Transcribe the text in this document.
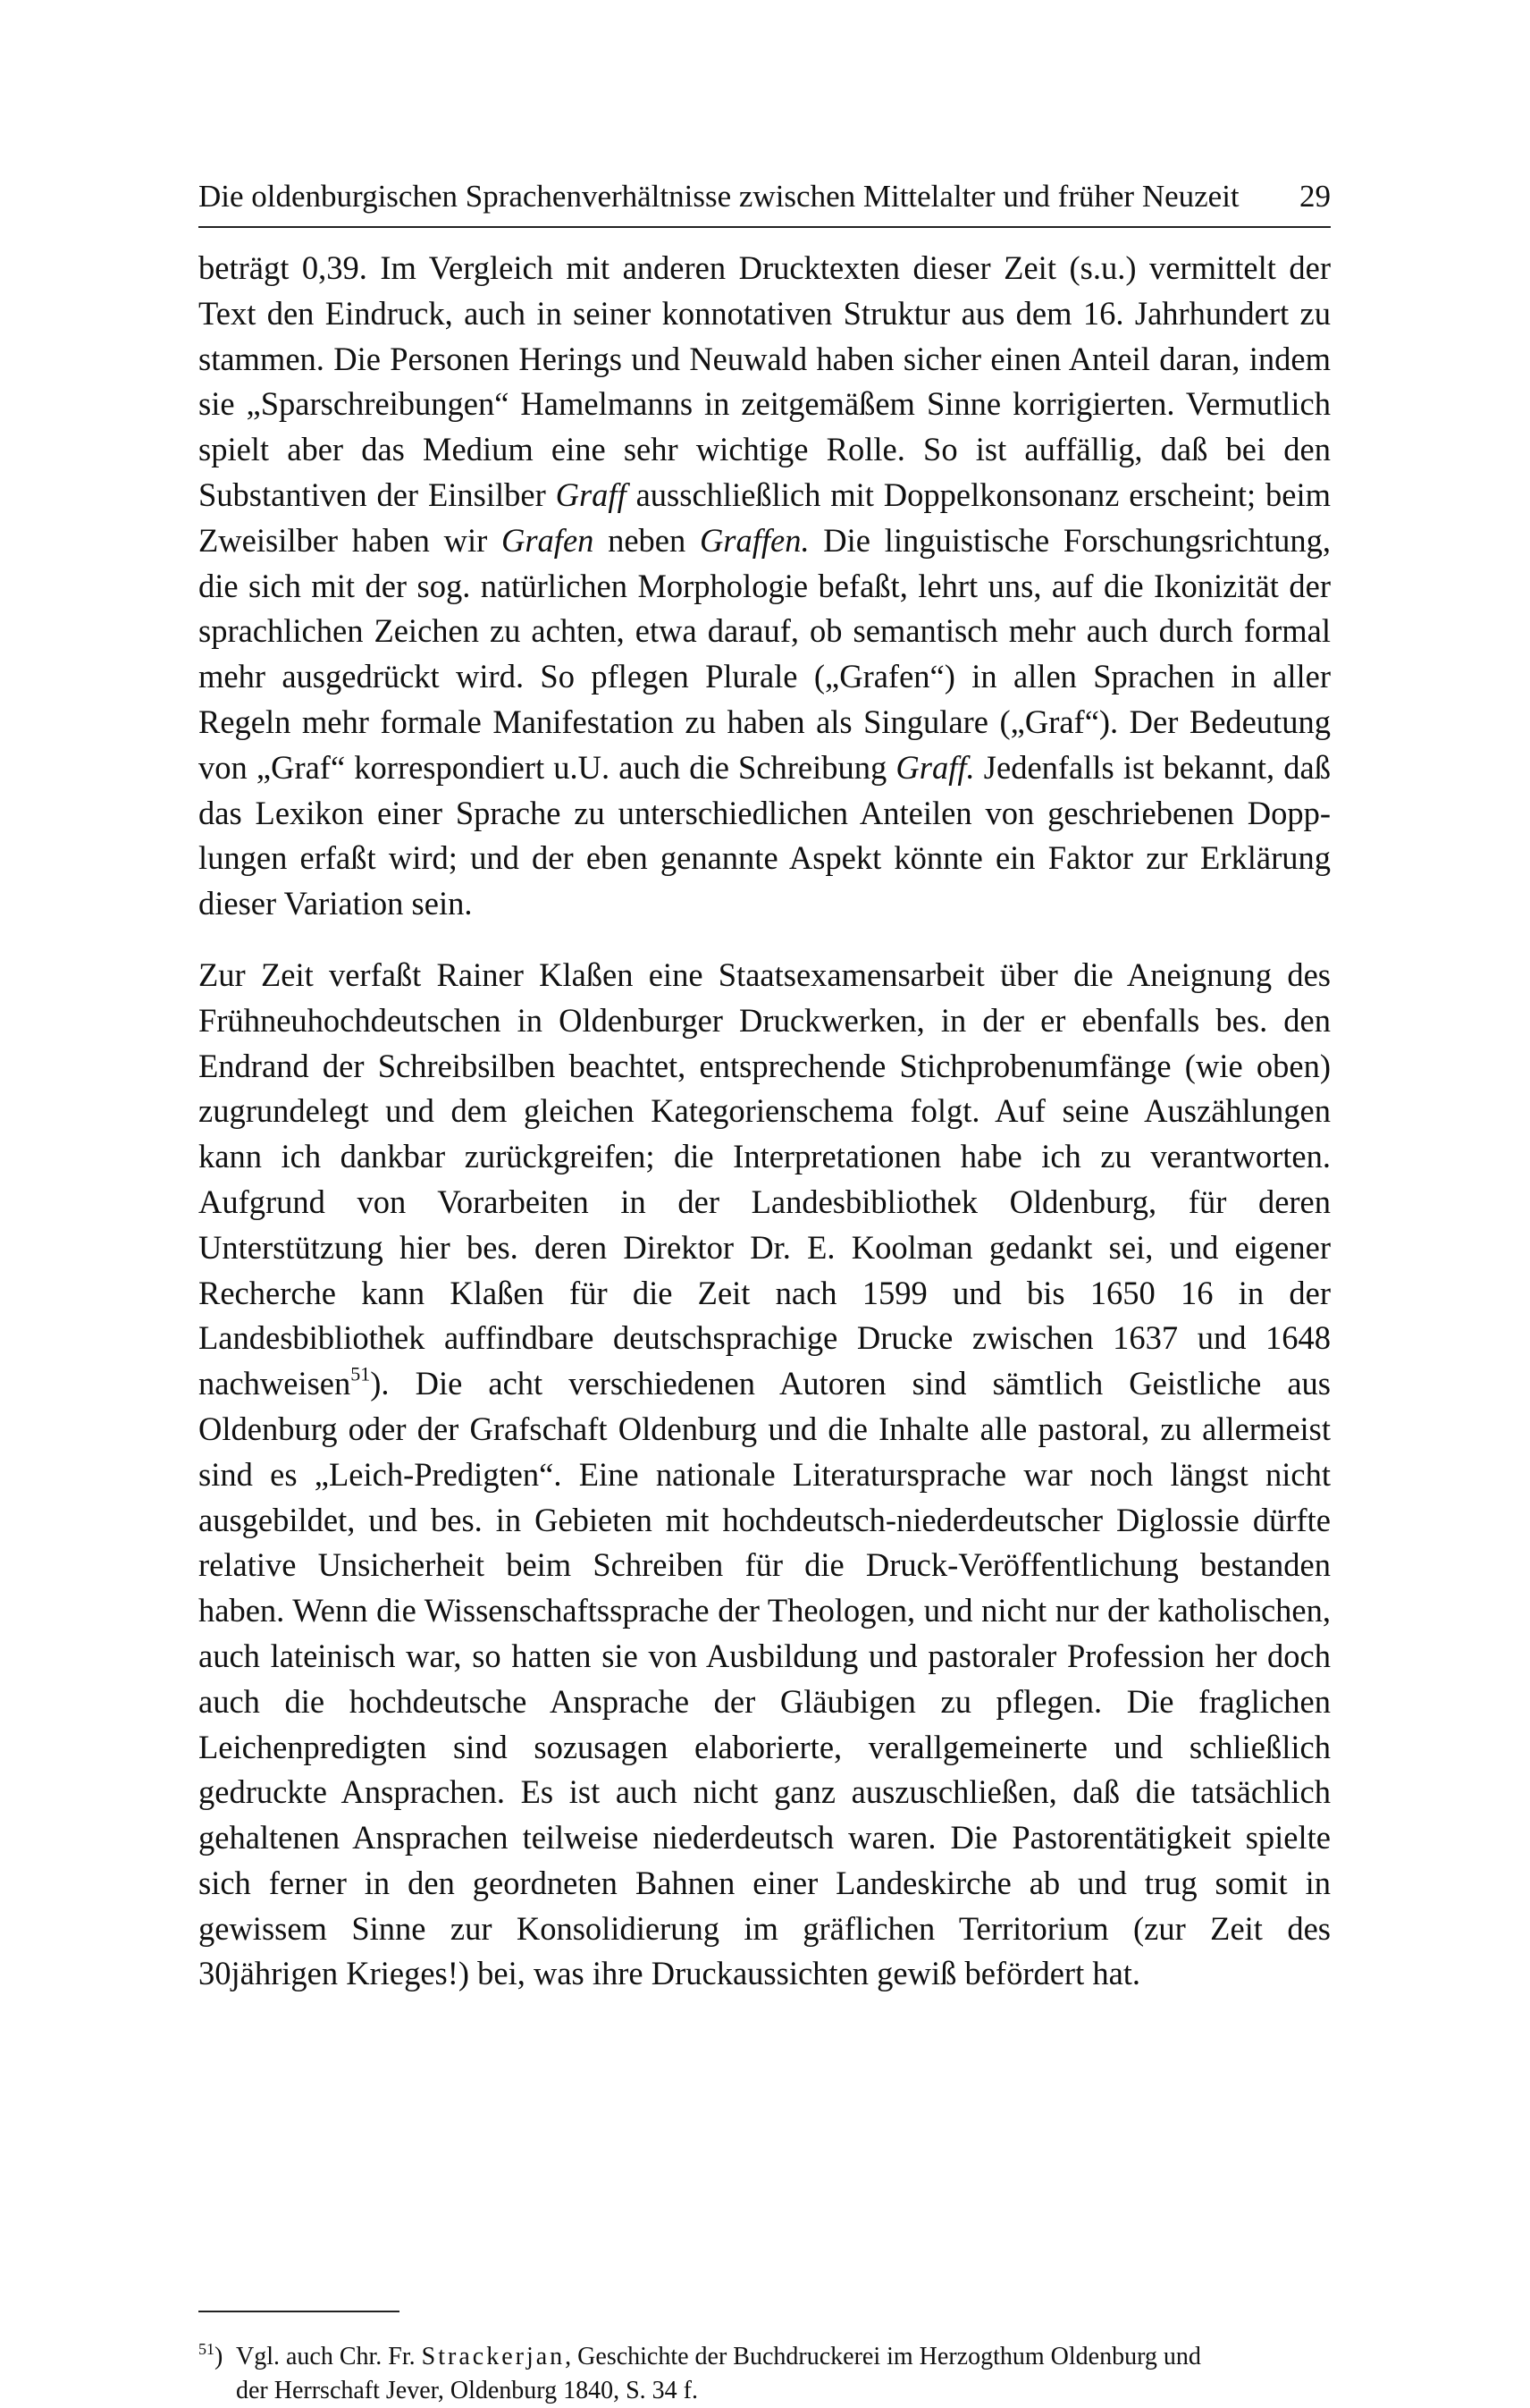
Die oldenburgischen Sprachenverhältnisse zwischen Mittelalter und früher Neuzeit 29

beträgt 0,39. Im Vergleich mit anderen Drucktexten dieser Zeit (s.u.) vermittelt der Text den Eindruck, auch in seiner konnotativen Struktur aus dem 16. Jahrhundert zu stammen. Die Personen Herings und Neuwald haben sicher einen Anteil daran, indem sie „Sparschreibungen“ Hamelmanns in zeitgemäßem Sinne korrigierten. Vermutlich spielt aber das Medium eine sehr wichtige Rolle. So ist auffällig, daß bei den Substantiven der Einsilber Graff ausschließlich mit Doppelkonsonanz erscheint; beim Zweisilber haben wir Grafen neben Graffen. Die linguistische Forschungsrichtung, die sich mit der sog. natürlichen Morphologie befaßt, lehrt uns, auf die Ikonizität der sprachlichen Zeichen zu achten, etwa darauf, ob semantisch mehr auch durch formal mehr ausgedrückt wird. So pflegen Plurale („Grafen“) in allen Sprachen in aller Regeln mehr formale Manifestation zu haben als Singulare („Graf“). Der Bedeutung von „Graf“ korrespondiert u.U. auch die Schreibung Graff. Jedenfalls ist bekannt, daß das Lexikon einer Sprache zu unterschiedlichen Anteilen von geschriebenen Dopplungen erfaßt wird; und der eben genannte Aspekt könnte ein Faktor zur Erklärung dieser Variation sein.

Zur Zeit verfaßt Rainer Klaßen eine Staatsexamensarbeit über die Aneignung des Frühneuhochdeutschen in Oldenburger Druckwerken, in der er ebenfalls bes. den Endrand der Schreibsilben beachtet, entsprechende Stichprobenumfänge (wie oben) zugrundelegt und dem gleichen Kategorienschema folgt. Auf seine Auszählungen kann ich dankbar zurückgreifen; die Interpretationen habe ich zu verantworten. Aufgrund von Vorarbeiten in der Landesbibliothek Oldenburg, für deren Unterstützung hier bes. deren Direktor Dr. E. Koolman gedankt sei, und eigener Recherche kann Klaßen für die Zeit nach 1599 und bis 1650 16 in der Landesbibliothek auffindbare deutschsprachige Drucke zwischen 1637 und 1648 nachweisen$^{51}$). Die acht verschiedenen Autoren sind sämtlich Geistliche aus Oldenburg oder der Grafschaft Oldenburg und die Inhalte alle pastoral, zu allermeist sind es „Leich-Predigten“. Eine nationale Literatursprache war noch längst nicht ausgebildet, und bes. in Gebieten mit hochdeutsch-niederdeutscher Diglossie dürfte relative Unsicherheit beim Schreiben für die Druck-Veröffentlichung bestanden haben. Wenn die Wissenschaftssprache der Theologen, und nicht nur der katholischen, auch lateinisch war, so hatten sie von Ausbildung und pastoraler Profession her doch auch die hochdeutsche Ansprache der Gläubigen zu pflegen. Die fraglichen Leichenpredigten sind sozusagen elaborierte, verallgemeinerte und schließlich gedruckte Ansprachen. Es ist auch nicht ganz auszuschließen, daß die tatsächlich gehaltenen Ansprachen teilweise niederdeutsch waren. Die Pastorentätigkeit spielte sich ferner in den geordneten Bahnen einer Landeskirche ab und trug somit in gewissem Sinne zur Konsolidierung im gräflichen Territorium (zur Zeit des 30jährigen Krieges!) bei, was ihre Druckaussichten gewiß befördert hat.

$^{51}$) Vgl. auch Chr. Fr. Strackerjan, Geschichte der Buchdruckerei im Herzogthum Oldenburg und
der Herrschaft Jever, Oldenburg 1840, S. 34 f.
